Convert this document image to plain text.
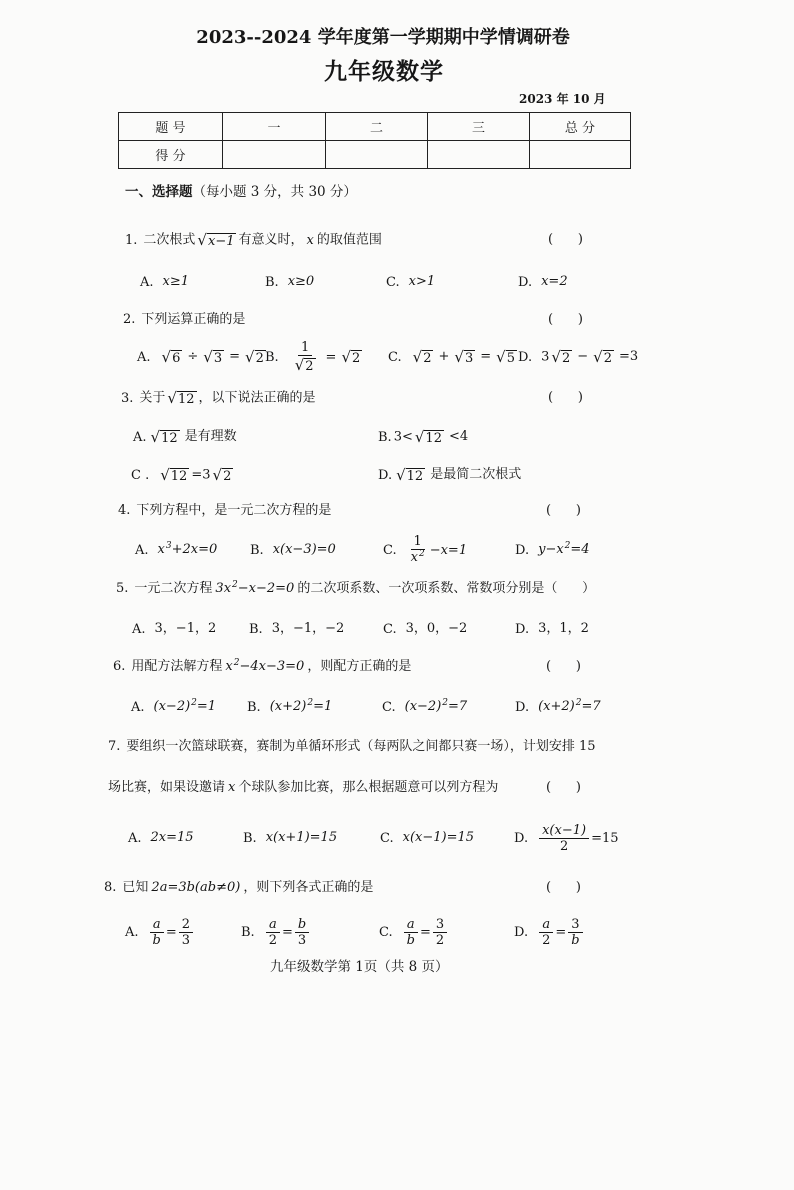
2023--2024 学年度第一学期期中学情调研卷
九年级数学
2023 年 10 月
题 号	一	二	三	总 分
得 分				
一、选择题（每小题 3 分，共 30 分）
1. 二次根式 √ x−1 有意义时， x 的取值范围	(      )
A. x≥1	B. x≥0	C. x>1	D. x=2
2. 下列运算正确的是	(      )
A. √ 6 ÷ √ 3 = √ 2 B. 1
√ 2 = √ 2 C. √ 2 + √ 3 = √ 5 D. 3 √ 2 − √ 2 =3
3. 关于 √ 12 ，以下说法正确的是	(      )
A. √ 12 是有理数	B. 3< √ 12 <4
C . √ 12 =3 √ 2	D. √ 12 是最简二次根式
4. 下列方程中，是一元二次方程的是	(      )
A. $x^3+2x=0$	B. x(x−3)=0	C. $\frac{1}{x^2} -x=1$	D. $y-x^2=4$
5. 一元二次方程 $3x^2-x-2=0$ 的二次项系数、一次项系数、常数项分别是（      ）
A. 3，−1，2	B. 3，−1，−2	C. 3，0，−2	D. 3，1，2
6. 用配方法解方程 $x^2-4x-3=0$ ，则配方正确的是	(      )
A. $(x-2)^2=1$ B. $(x+2)^2=1$	C. $(x-2)^2=7$	D. $(x+2)^2=7$
7. 要组织一次篮球联赛，赛制为单循环形式（每两队之间都只赛一场），计划安排 15
场比赛，如果设邀请 x 个球队参加比赛，那么根据题意可以列方程为	(      )
A. 2x=15	B. x(x+1)=15	C. x(x−1)=15	D. $\frac{x(x-1)}{2} =15$
8. 已知 2a=3b(ab≠0) ，则下列各式正确的是	(      )
A. $\frac{a}{b} = \frac{2}{3}$	B. $\frac{a}{2} = \frac{b}{3}$	C. $\frac{a}{b} = \frac{3}{2}$	D. $\frac{a}{2} = \frac{3}{b}$
九年级数学第 1页（共 8 页）
